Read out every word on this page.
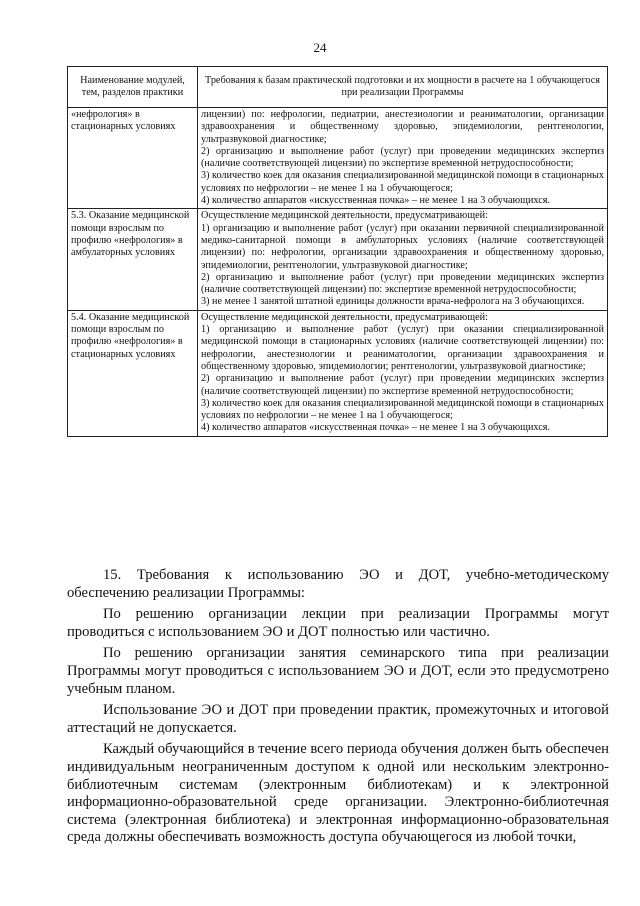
24
Наименование модулей, тем, разделов практики	Требования к базам практической подготовки и их мощности в расчете на 1 обучающегося при реализации Программы
«нефрология» в стационарных условиях	лицензии) по: нефрологии, педиатрии, анестезиологии и реаниматологии, организации здравоохранения и общественному здоровью, эпидемиологии, рентгенологии, ультразвуковой диагностике;

2) организацию и выполнение работ (услуг) при проведении медицинских экспертиз (наличие соответствующей лицензии) по экспертизе временной нетрудоспособности;

3) количество коек для оказания специализированной медицинской помощи в стационарных условиях по нефрологии – не менее 1 на 1 обучающегося;

4) количество аппаратов «искусственная почка» – не менее 1 на 3 обучающихся.

5.3. Оказание медицинской помощи взрослым по профилю «нефрология» в амбулаторных условиях	Осуществление медицинской деятельности, предусматривающей:

1) организацию и выполнение работ (услуг) при оказании первичной специализированной медико-санитарной помощи в амбулаторных условиях (наличие соответствующей лицензии) по: нефрологии, организации здравоохранения и общественному здоровью, эпидемиологии, рентгенологии, ультразвуковой диагностике;

2) организацию и выполнение работ (услуг) при проведении медицинских экспертиз (наличие соответствующей лицензии) по: экспертизе временной нетрудоспособности;

3) не менее 1 занятой штатной единицы должности врача-нефролога на 3 обучающихся.

5.4. Оказание медицинской помощи взрослым по профилю «нефрология» в стационарных условиях	Осуществление медицинской деятельности, предусматривающей:

1) организацию и выполнение работ (услуг) при оказании специализированной медицинской помощи в стационарных условиях (наличие соответствующей лицензии) по: нефрологии, анестезиологии и реаниматологии, организации здравоохранения и общественному здоровью, эпидемиологии; рентгенологии, ультразвуковой диагностике;

2) организацию и выполнение работ (услуг) при проведении медицинских экспертиз (наличие соответствующей лицензии) по экспертизе временной нетрудоспособности;

3) количество коек для оказания специализированной медицинской помощи в стационарных условиях по нефрологии – не менее 1 на 1 обучающегося;

4) количество аппаратов «искусственная почка» – не менее 1 на 3 обучающихся.

15. Требования к использованию ЭО и ДОТ, учебно-методическому обеспечению реализации Программы:

По решению организации лекции при реализации Программы могут проводиться с использованием ЭО и ДОТ полностью или частично.

По решению организации занятия семинарского типа при реализации Программы могут проводиться с использованием ЭО и ДОТ, если это предусмотрено учебным планом.

Использование ЭО и ДОТ при проведении практик, промежуточных и итоговой аттестаций не допускается.

Каждый обучающийся в течение всего периода обучения должен быть обеспечен индивидуальным неограниченным доступом к одной или нескольким электронно-библиотечным системам (электронным библиотекам) и к электронной информационно-образовательной среде организации. Электронно-библиотечная система (электронная библиотека) и электронная информационно-образовательная среда должны обеспечивать возможность доступа обучающегося из любой точки,
